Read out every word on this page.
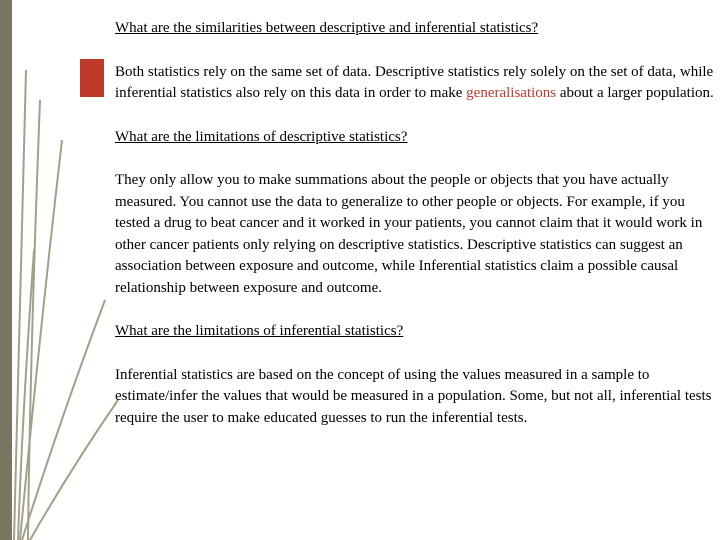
What are the similarities between descriptive and inferential statistics?

Both statistics rely on the same set of data. Descriptive statistics rely solely on the set of data, while inferential statistics also rely on this data in order to make generalisations about a larger population.

What are the limitations of descriptive statistics?

They only allow you to make summations about the people or objects that you have actually measured. You cannot use the data to generalize to other people or objects. For example, if you tested a drug to beat cancer and it worked in your patients, you cannot claim that it would work in other cancer patients only relying on descriptive statistics. Descriptive statistics can suggest an association between exposure and outcome, while Inferential statistics claim a possible causal relationship between exposure and outcome.

What are the limitations of inferential statistics?

Inferential statistics are based on the concept of using the values measured in a sample to estimate/infer the values that would be measured in a population. Some, but not all, inferential tests require the user to make educated guesses to run the inferential tests.
